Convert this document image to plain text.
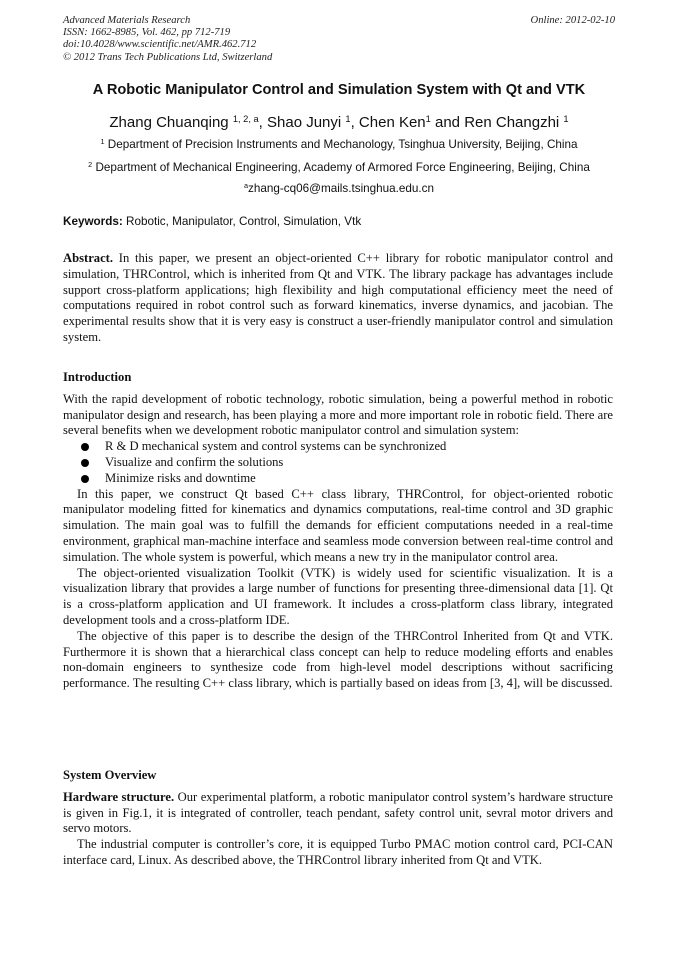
Advanced Materials Research
ISSN: 1662-8985, Vol. 462, pp 712-719
doi:10.4028/www.scientific.net/AMR.462.712
© 2012 Trans Tech Publications Ltd, Switzerland
Online: 2012-02-10
A Robotic Manipulator Control and Simulation System with Qt and VTK
Zhang Chuanqing $^{1, 2, a}$, Shao Junyi $^1$, Chen Ken$^1$ and Ren Changzhi $^1$
$^1$ Department of Precision Instruments and Mechanology, Tsinghua University, Beijing, China
$^2$ Department of Mechanical Engineering, Academy of Armored Force Engineering, Beijing, China
$^a$zhang-cq06@mails.tsinghua.edu.cn
Keywords: Robotic, Manipulator, Control, Simulation, Vtk

Abstract. In this paper, we present an object-oriented C++ library for robotic manipulator control and simulation, THRControl, which is inherited from Qt and VTK. The library package has advantages include support cross-platform applications; high flexibility and high computational efficiency meet the need of computations required in robot control such as forward kinematics, inverse dynamics, and jacobian. The experimental results show that it is very easy is construct a user-friendly manipulator control and simulation system.

Introduction

With the rapid development of robotic technology, robotic simulation, being a powerful method in robotic manipulator design and research, has been playing a more and more important role in robotic field. There are several benefits when we development robotic manipulator control and simulation system:

R & D mechanical system and control systems can be synchronized
Visualize and confirm the solutions
Minimize risks and downtime

In this paper, we construct Qt based C++ class library, THRControl, for object-oriented robotic manipulator modeling fitted for kinematics and dynamics computations, real-time control and 3D graphic simulation. The main goal was to fulfill the demands for efficient computations needed in a real-time environment, graphical man-machine interface and seamless mode conversion between real-time control and simulation. The whole system is powerful, which means a new try in the manipulator control area.

The object-oriented visualization Toolkit (VTK) is widely used for scientific visualization. It is a visualization library that provides a large number of functions for presenting three-dimensional data [1]. Qt is a cross-platform application and UI framework. It includes a cross-platform class library, integrated development tools and a cross-platform IDE.

The objective of this paper is to describe the design of the THRControl Inherited from Qt and VTK. Furthermore it is shown that a hierarchical class concept can help to reduce modeling efforts and enables non-domain engineers to synthesize code from high-level model descriptions without sacrificing performance. The resulting C++ class library, which is partially based on ideas from [3, 4], will be discussed.

System Overview

Hardware structure. Our experimental platform, a robotic manipulator control system’s hardware structure is given in Fig.1, it is integrated of controller, teach pendant, safety control unit, sevral motor drivers and servo motors.

The industrial computer is controller’s core, it is equipped Turbo PMAC motion control card, PCI-CAN interface card, Linux. As described above, the THRControl library inherited from Qt and VTK.
